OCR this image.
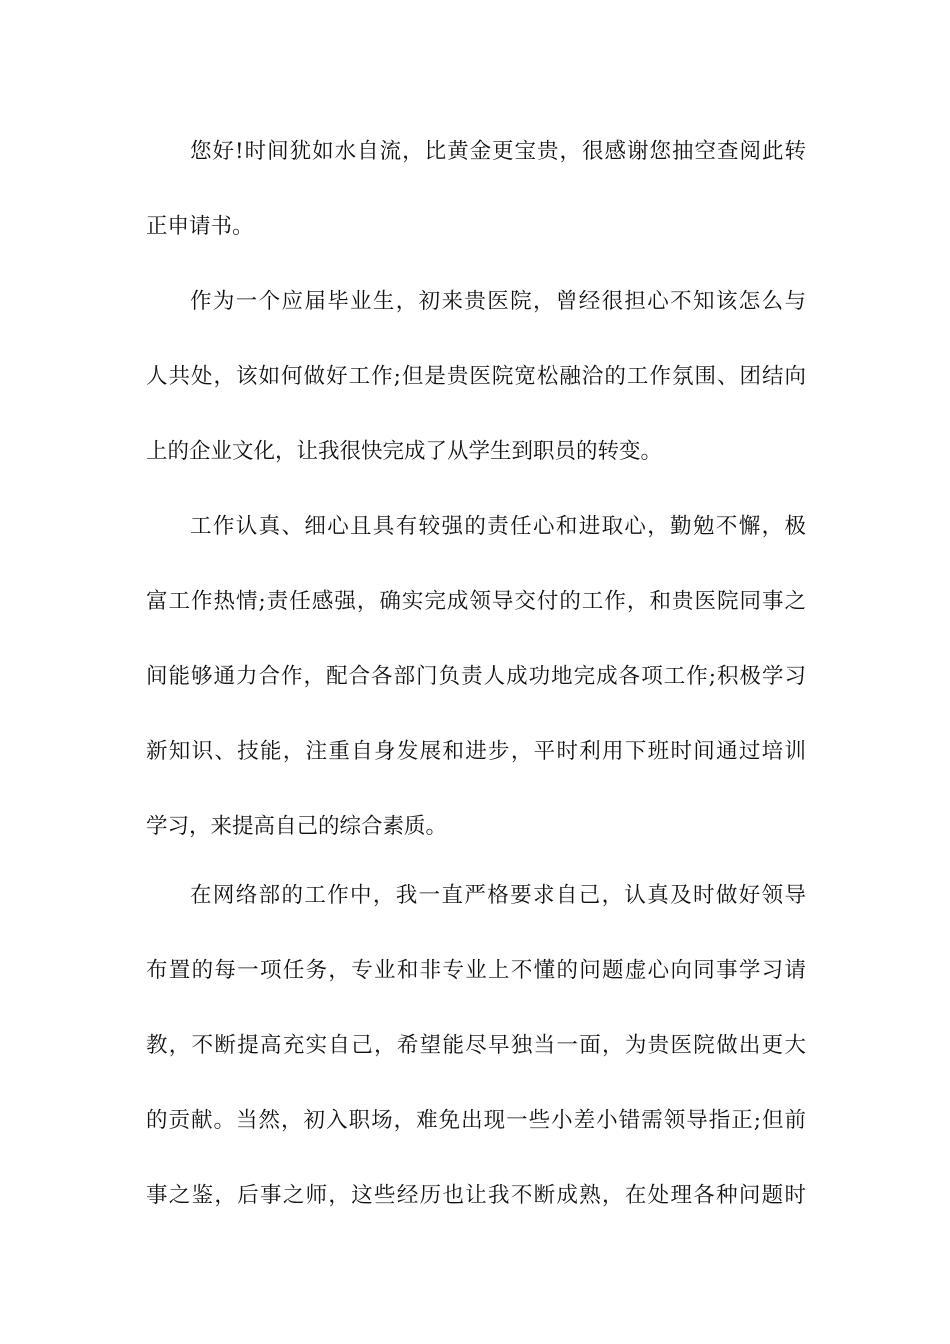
您好!时间犹如水自流，比黄金更宝贵，很感谢您抽空查阅此转
正申请书。
作为一个应届毕业生，初来贵医院，曾经很担心不知该怎么与
人共处，该如何做好工作;但是贵医院宽松融洽的工作氛围、团结向
上的企业文化，让我很快完成了从学生到职员的转变。
工作认真、细心且具有较强的责任心和进取心，勤勉不懈，极
富工作热情;责任感强，确实完成领导交付的工作，和贵医院同事之
间能够通力合作，配合各部门负责人成功地完成各项工作;积极学习
新知识、技能，注重自身发展和进步，平时利用下班时间通过培训
学习，来提高自己的综合素质。
在网络部的工作中，我一直严格要求自己，认真及时做好领导
布置的每一项任务，专业和非专业上不懂的问题虚心向同事学习请
教，不断提高充实自己，希望能尽早独当一面，为贵医院做出更大
的贡献。当然，初入职场，难免出现一些小差小错需领导指正;但前
事之鉴，后事之师，这些经历也让我不断成熟，在处理各种问题时
